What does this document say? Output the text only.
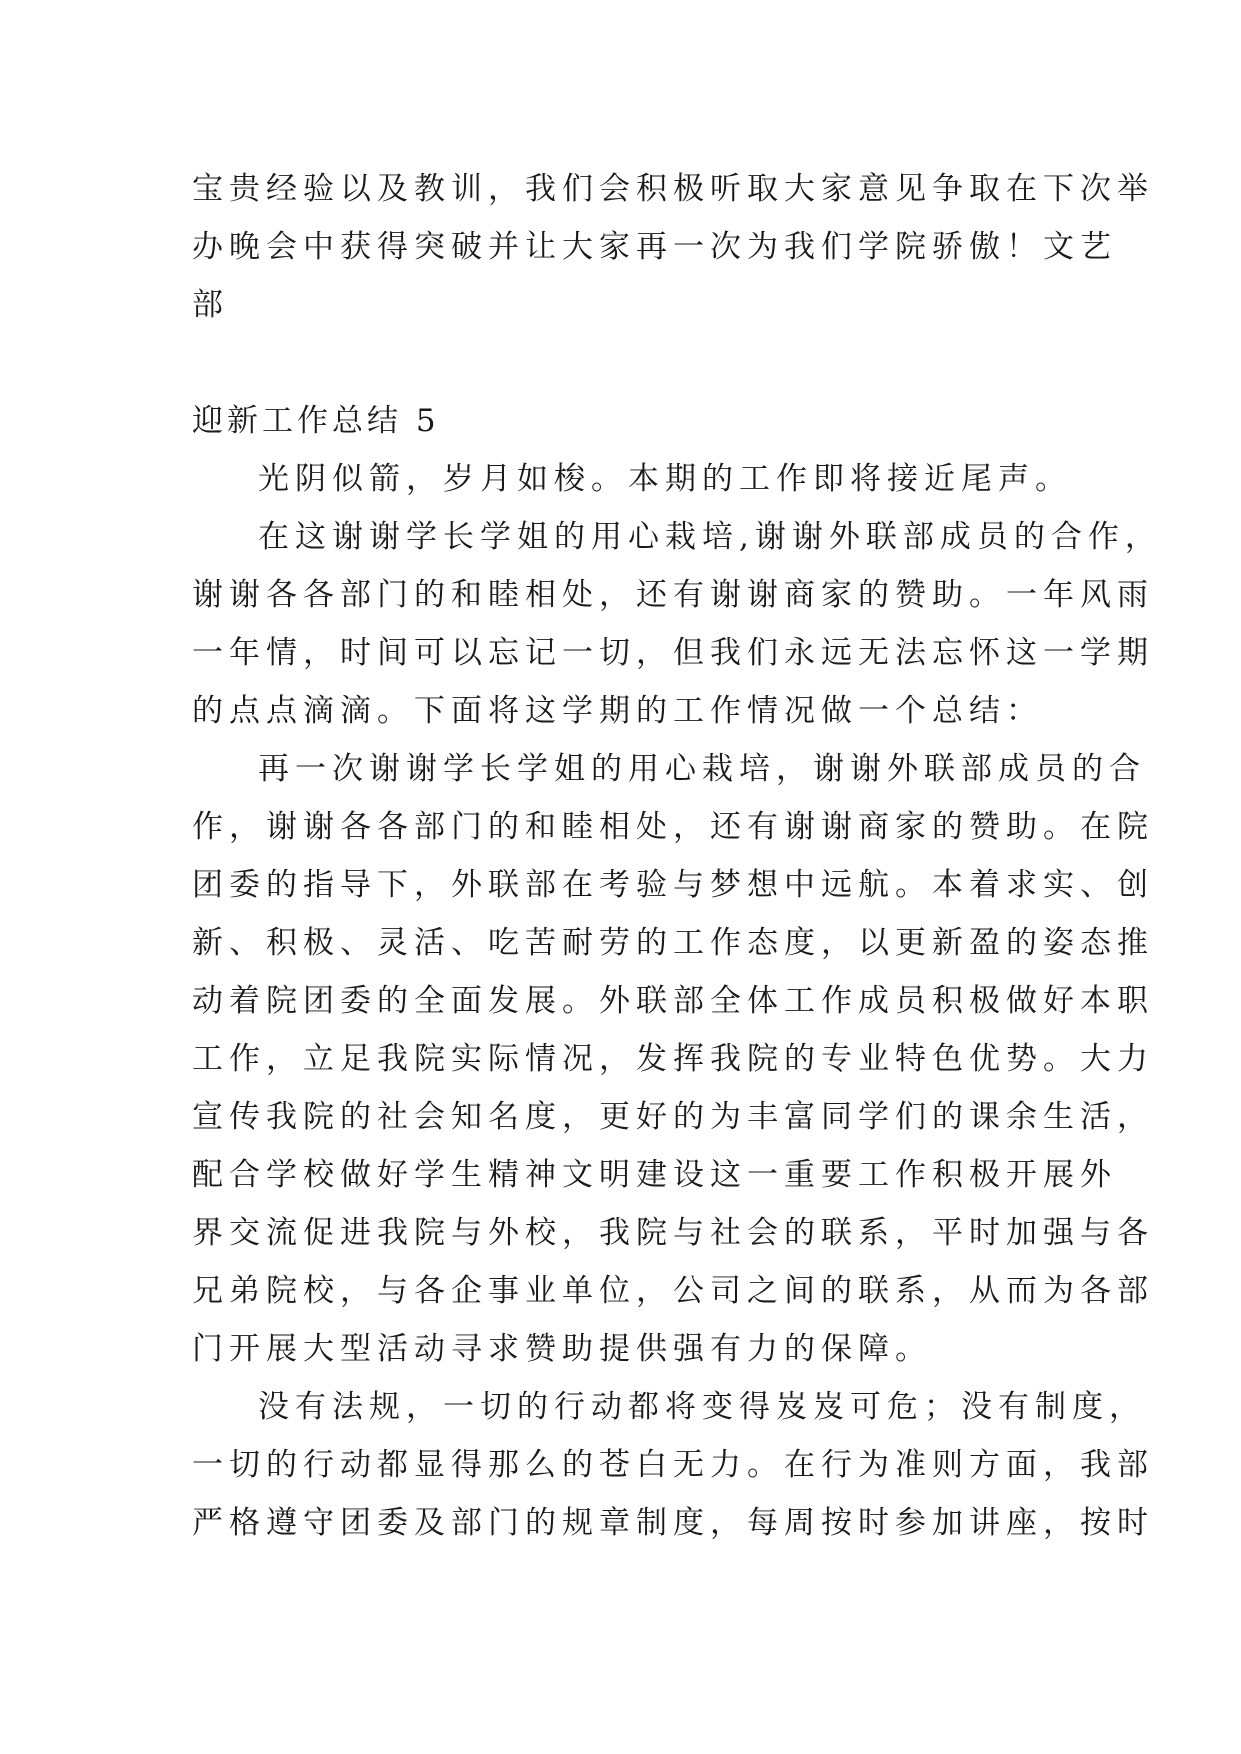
宝贵经验以及教训，我们会积极听取大家意见争取在下次举
办晚会中获得突破并让大家再一次为我们学院骄傲！文艺
部
迎新工作总结 5
光阴似箭，岁月如梭。本期的工作即将接近尾声。
在这谢谢学长学姐的用心栽培,谢谢外联部成员的合作，
谢谢各各部门的和睦相处，还有谢谢商家的赞助。一年风雨
一年情，时间可以忘记一切，但我们永远无法忘怀这一学期
的点点滴滴。下面将这学期的工作情况做一个总结：
再一次谢谢学长学姐的用心栽培，谢谢外联部成员的合
作，谢谢各各部门的和睦相处，还有谢谢商家的赞助。在院
团委的指导下，外联部在考验与梦想中远航。本着求实、创
新、积极、灵活、吃苦耐劳的工作态度，以更新盈的姿态推
动着院团委的全面发展。外联部全体工作成员积极做好本职
工作，立足我院实际情况，发挥我院的专业特色优势。大力
宣传我院的社会知名度，更好的为丰富同学们的课余生活，
配合学校做好学生精神文明建设这一重要工作积极开展外
界交流促进我院与外校，我院与社会的联系，平时加强与各
兄弟院校，与各企事业单位，公司之间的联系，从而为各部
门开展大型活动寻求赞助提供强有力的保障。
没有法规，一切的行动都将变得岌岌可危；没有制度，
一切的行动都显得那么的苍白无力。在行为准则方面，我部
严格遵守团委及部门的规章制度，每周按时参加讲座，按时
